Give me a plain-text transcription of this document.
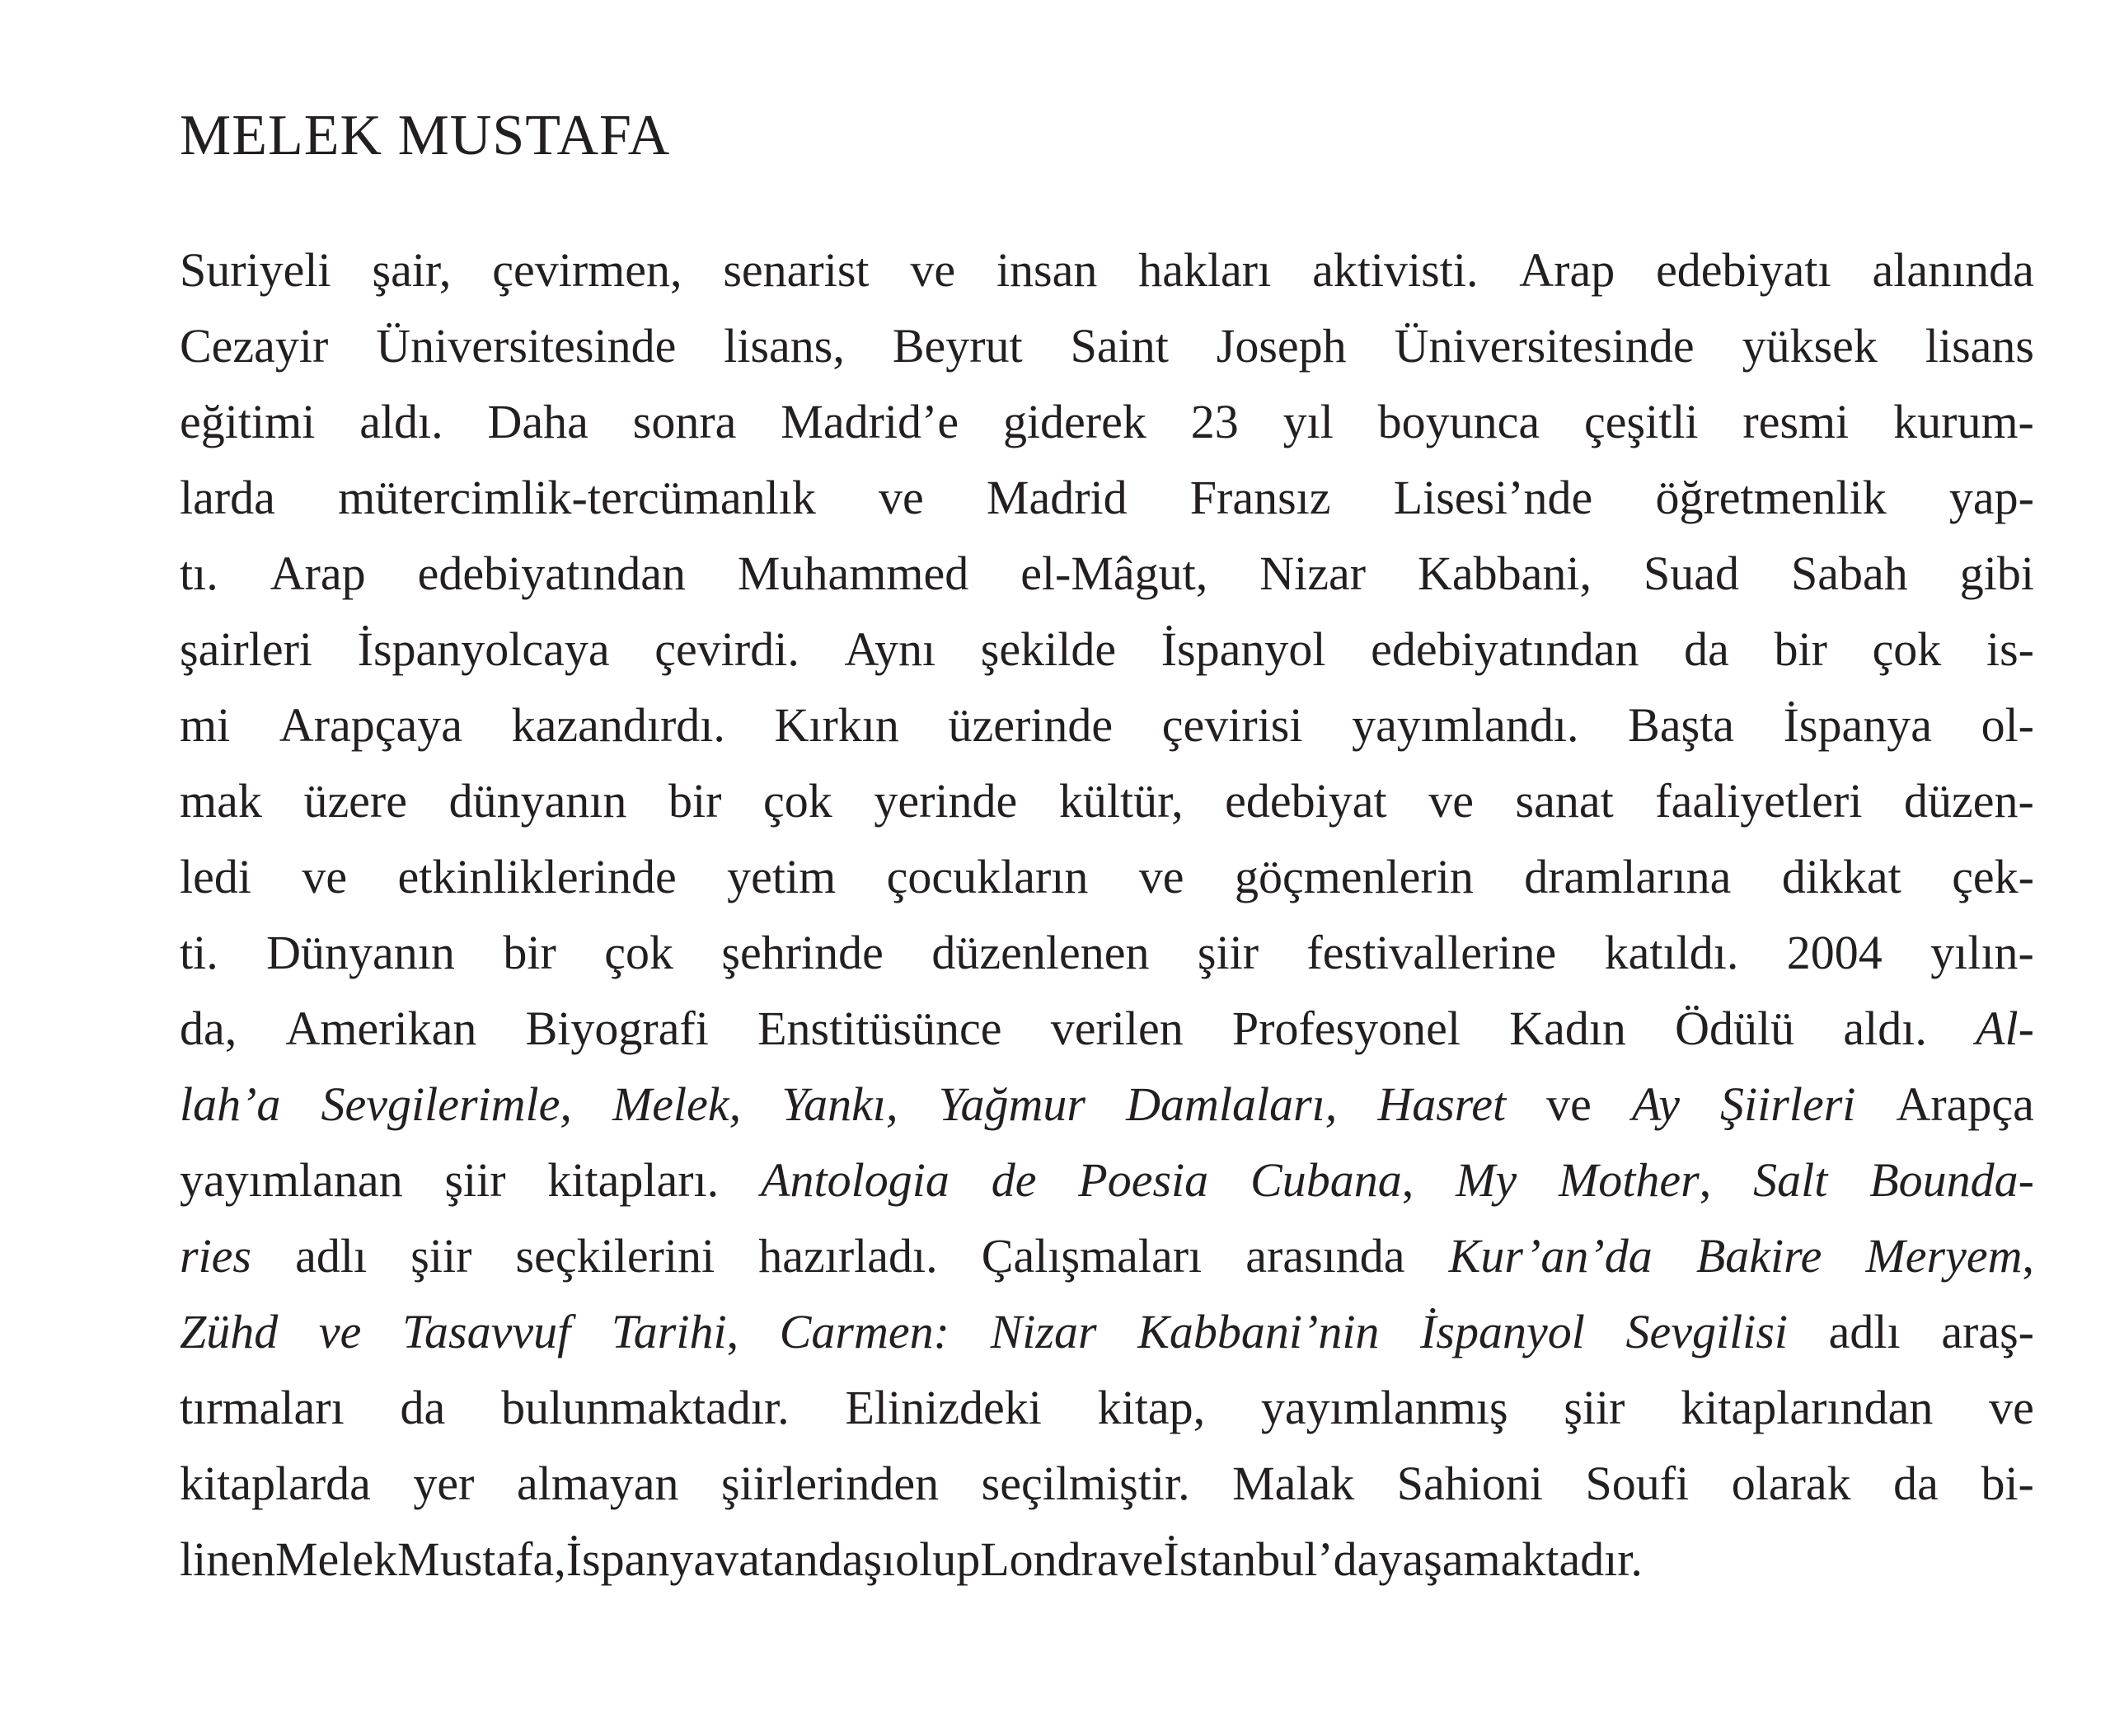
MELEK MUSTAFA
Suriyeli şair, çevirmen, senarist ve insan hakları aktivisti. Arap edebiyatı alanında
Cezayir Üniversitesinde lisans, Beyrut Saint Joseph Üniversitesinde yüksek lisans
eğitimi aldı. Daha sonra Madrid’e giderek 23 yıl boyunca çeşitli resmi kurum-
larda mütercimlik-tercümanlık ve Madrid Fransız Lisesi’nde öğretmenlik yap-
tı. Arap edebiyatından Muhammed el-Mâgut, Nizar Kabbani, Suad Sabah gibi
şairleri İspanyolcaya çevirdi. Aynı şekilde İspanyol edebiyatından da bir çok is-
mi Arapçaya kazandırdı. Kırkın üzerinde çevirisi yayımlandı. Başta İspanya ol-
mak üzere dünyanın bir çok yerinde kültür, edebiyat ve sanat faaliyetleri düzen-
ledi ve etkinliklerinde yetim çocukların ve göçmenlerin dramlarına dikkat çek-
ti. Dünyanın bir çok şehrinde düzenlenen şiir festivallerine katıldı. 2004 yılın-
da, Amerikan Biyografi Enstitüsünce verilen Profesyonel Kadın Ödülü aldı. Al-
lah’a Sevgilerimle, Melek, Yankı, Yağmur Damlaları, Hasret ve Ay Şiirleri Arapça
yayımlanan şiir kitapları. Antologia de Poesia Cubana, My Mother, Salt Bounda-
ries adlı şiir seçkilerini hazırladı. Çalışmaları arasında Kur’an’da Bakire Meryem,
Zühd ve Tasavvuf Tarihi, Carmen: Nizar Kabbani’nin İspanyol Sevgilisi adlı araş-
tırmaları da bulunmaktadır. Elinizdeki kitap, yayımlanmış şiir kitaplarından ve
kitaplarda yer almayan şiirlerinden seçilmiştir. Malak Sahioni Soufi olarak da bi-
linen Melek Mustafa, İspanya vatandaşı olup Londra ve İstanbul’da yaşamaktadır.
